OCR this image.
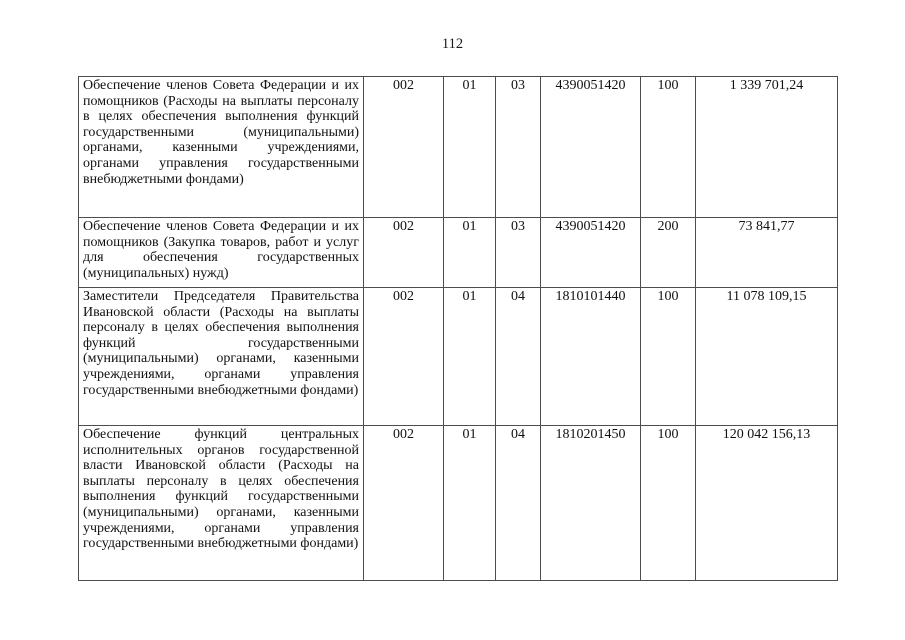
112
Обеспечение членов Совета Федерации и их помощников (Расходы на выплаты персоналу в целях обеспечения выполнения функций государственными (муниципальными) органами, казенными учреждениями, органами управления государственными внебюджетными фондами)	002	01	03	4390051420	100	1 339 701,24
Обеспечение членов Совета Федерации и их помощников (Закупка товаров, работ и услуг для обеспечения государственных (муниципальных) нужд)	002	01	03	4390051420	200	73 841,77
Заместители Председателя Правительства Ивановской области (Расходы на выплаты персоналу в целях обеспечения выполнения функций государственными (муниципальными) органами, казенными учреждениями, органами управления государственными внебюджетными фондами)	002	01	04	1810101440	100	11 078 109,15
Обеспечение функций центральных исполнительных органов государственной власти Ивановской области (Расходы на выплаты персоналу в целях обеспечения выполнения функций государственными (муниципальными) органами, казенными учреждениями, органами управления государственными внебюджетными фондами)	002	01	04	1810201450	100	120 042 156,13
